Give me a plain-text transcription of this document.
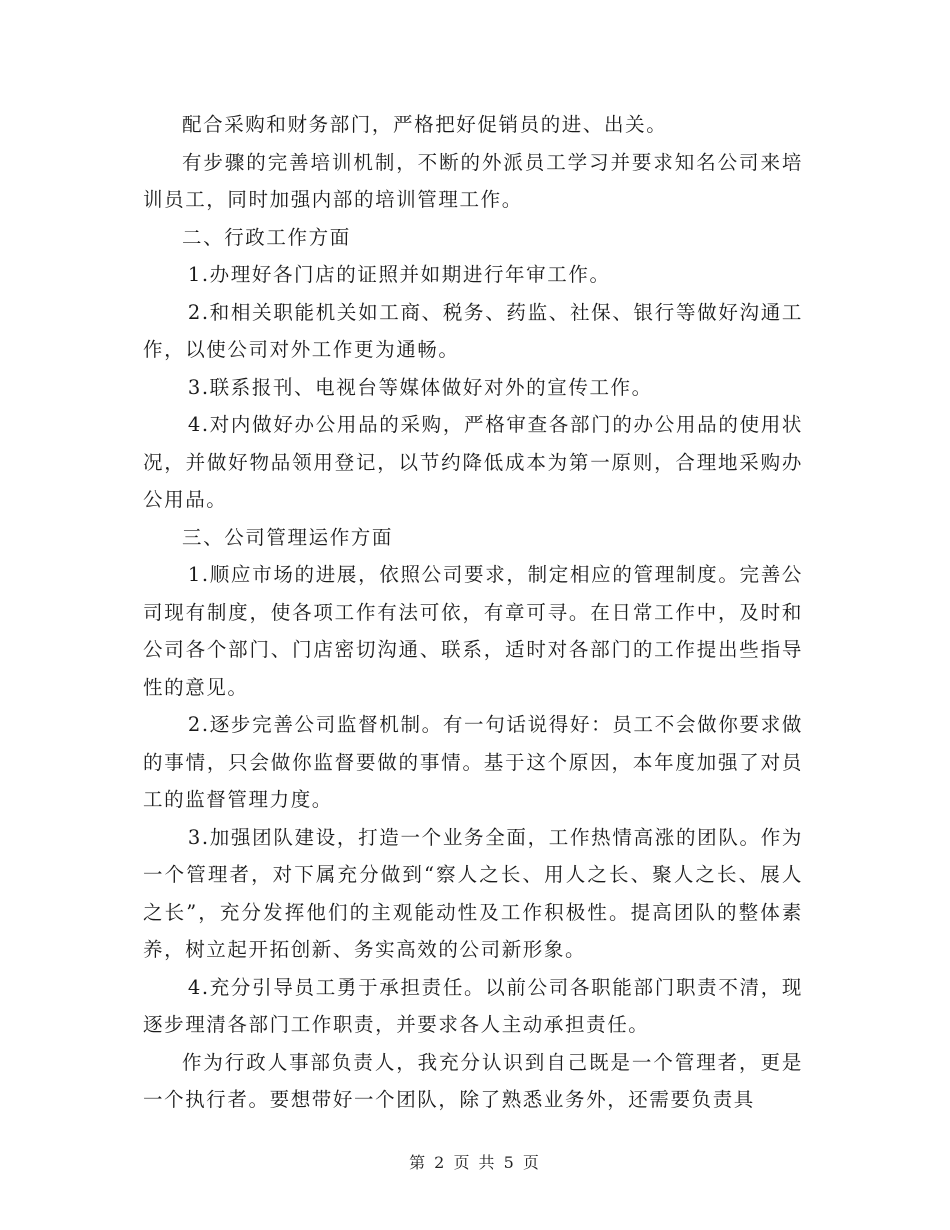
配合采购和财务部门，严格把好促销员的进、出关。

有步骤的完善培训机制，不断的外派员工学习并要求知名公司来培训员工，同时加强内部的培训管理工作。

二、行政工作方面

1.办理好各门店的证照并如期进行年审工作。

2.和相关职能机关如工商、税务、药监、社保、银行等做好沟通工作，以使公司对外工作更为通畅。

3.联系报刊、电视台等媒体做好对外的宣传工作。

4.对内做好办公用品的采购，严格审查各部门的办公用品的使用状况，并做好物品领用登记，以节约降低成本为第一原则，合理地采购办公用品。

三、公司管理运作方面

1.顺应市场的进展，依照公司要求，制定相应的管理制度。完善公司现有制度，使各项工作有法可依，有章可寻。在日常工作中，及时和公司各个部门、门店密切沟通、联系，适时对各部门的工作提出些指导性的意见。

2.逐步完善公司监督机制。有一句话说得好：员工不会做你要求做的事情，只会做你监督要做的事情。基于这个原因，本年度加强了对员工的监督管理力度。

3.加强团队建设，打造一个业务全面，工作热情高涨的团队。作为一个管理者，对下属充分做到“察人之长、用人之长、聚人之长、展人之长”，充分发挥他们的主观能动性及工作积极性。提高团队的整体素养，树立起开拓创新、务实高效的公司新形象。

4.充分引导员工勇于承担责任。以前公司各职能部门职责不清，现逐步理清各部门工作职责，并要求各人主动承担责任。

作为行政人事部负责人，我充分认识到自己既是一个管理者，更是一个执行者。要想带好一个团队，除了熟悉业务外，还需要负责具

第 2 页 共 5 页
